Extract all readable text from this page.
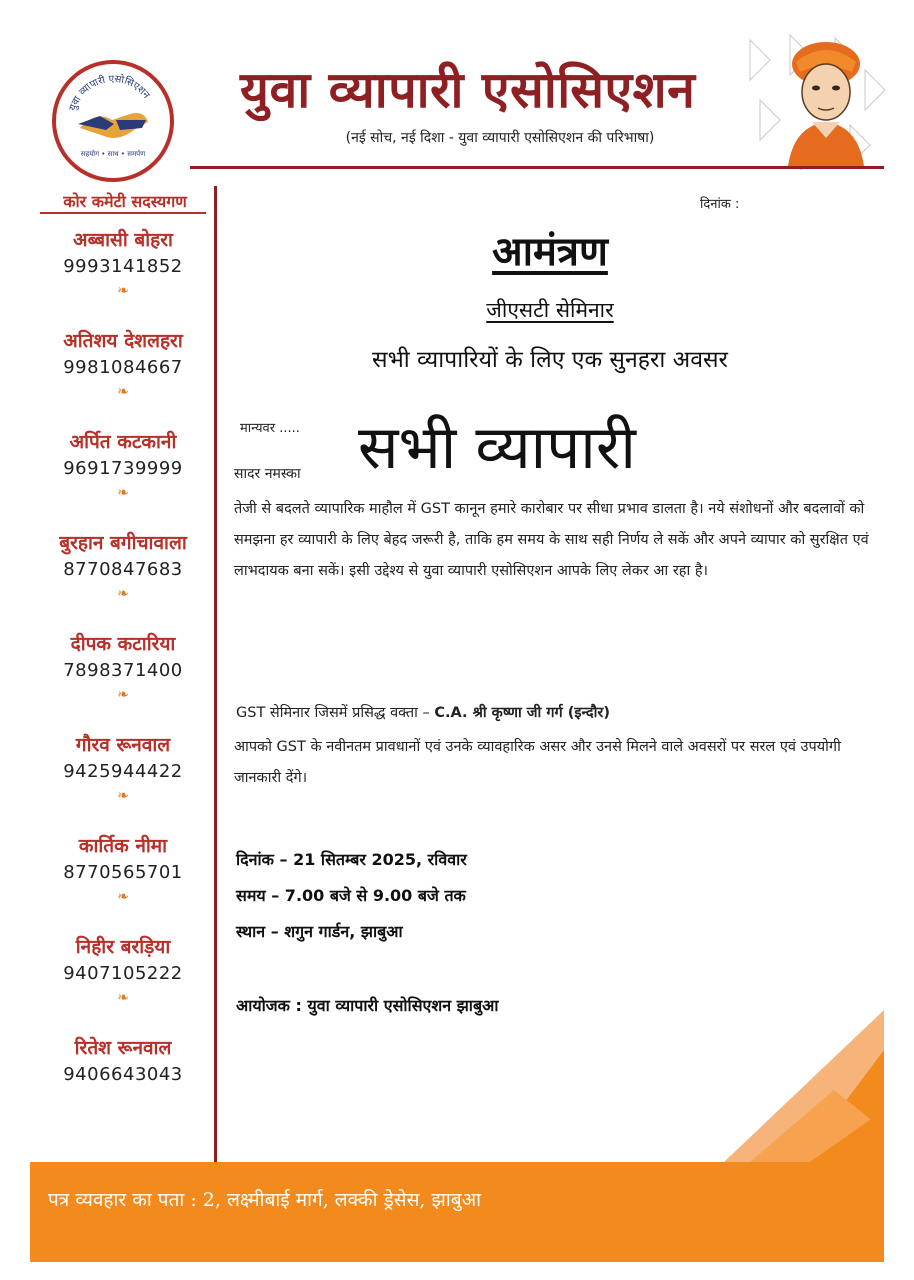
युवा व्यापारी एसोसिएशन
सहयोग • साथ • समर्पण
युवा व्यापारी एसोसिएशन
(नई सोच, नई दिशा - युवा व्यापारी एसोसिएशन की परिभाषा)
कोर कमेटी सदस्यगण
अब्बासी बोहरा
9993141852
❧
अतिशय देशलहरा
9981084667
❧
अर्पित कटकानी
9691739999
❧
बुरहान बगीचावाला
8770847683
❧
दीपक कटारिया
7898371400
❧
गौरव रूनवाल
9425944422
❧
कार्तिक नीमा
8770565701
❧
निहीर बरड़िया
9407105222
❧
रितेश रूनवाल
9406643043
दिनांक :
आमंत्रण
जीएसटी सेमिनार
सभी व्यापारियों के लिए एक सुनहरा अवसर
मान्यवर ..... सभी व्यापारी
सादर नमस्का
तेजी से बदलते व्यापारिक माहौल में GST कानून हमारे कारोबार पर सीधा प्रभाव डालता है। नये संशोधनों और बदलावों को समझना हर व्यापारी के लिए बेहद जरूरी है, ताकि हम समय के साथ सही निर्णय ले सकें और अपने व्यापार को सुरक्षित एवं लाभदायक बना सकें। इसी उद्देश्य से युवा व्यापारी एसोसिएशन आपके लिए लेकर आ रहा है।
GST सेमिनार जिसमें प्रसिद्ध वक्ता – C.A. श्री कृष्णा जी गर्ग (इन्दौर)
आपको GST के नवीनतम प्रावधानों एवं उनके व्यावहारिक असर और उनसे मिलने वाले अवसरों पर सरल एवं उपयोगी जानकारी देंगे।
दिनांक – 21 सितम्बर 2025, रविवार
समय – 7.00 बजे से 9.00 बजे तक
स्थान – शगुन गार्डन, झाबुआ
आयोजक : युवा व्यापारी एसोसिएशन झाबुआ
पत्र व्यवहार का पता : 2, लक्ष्मीबाई मार्ग, लक्की ड्रेसेस, झाबुआ
